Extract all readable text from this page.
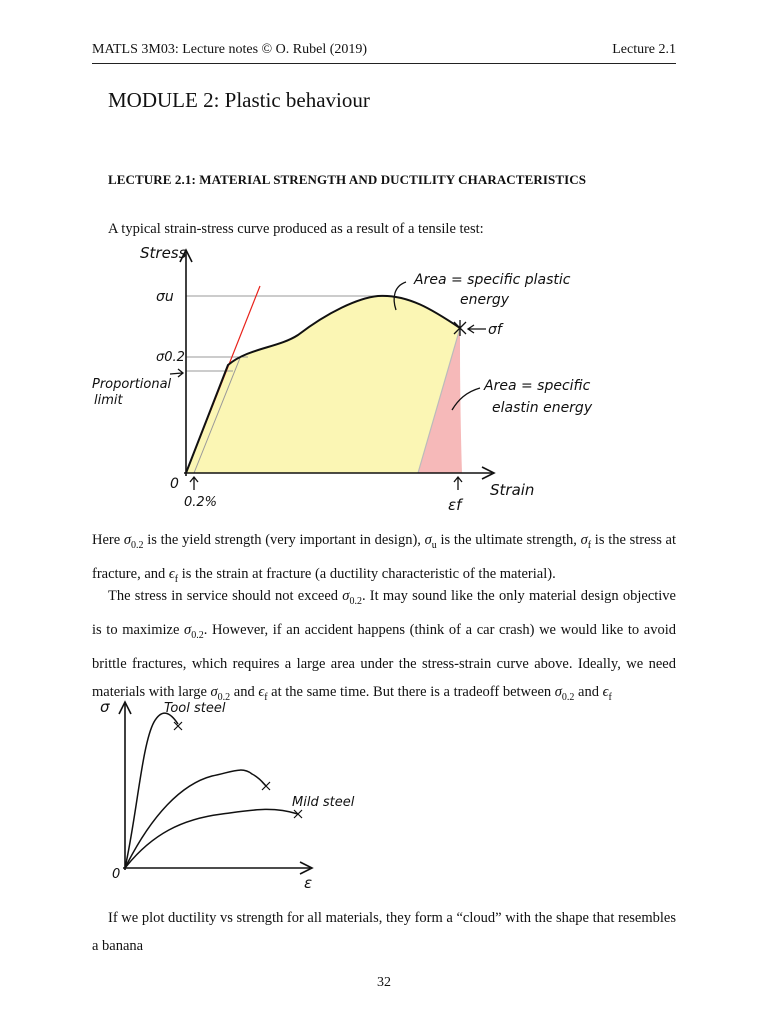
MATLS 3M03: Lecture notes © O. Rubel (2019)	Lecture 2.1
MODULE 2: Plastic behaviour
LECTURE 2.1: MATERIAL STRENGTH AND DUCTILITY CHARACTERISTICS
A typical strain-stress curve produced as a result of a tensile test:
Stress
Strain
0
σu
σ0.2
σf
εf
0.2%
Proportional
limit
Area = specific plastic
energy
Area = specific
elastin energy
Here $\sigma_{0.2}$ is the yield strength (very important in design), $\sigma_u$ is the ultimate strength, $\sigma_f$ is the stress at fracture, and $\epsilon_f$ is the strain at fracture (a ductility characteristic of the material).
The stress in service should not exceed $\sigma_{0.2}$. It may sound like the only material design objective is to maximize $\sigma_{0.2}$. However, if an accident happens (think of a car crash) we would like to avoid brittle fractures, which requires a large area under the stress-strain curve above. Ideally, we need materials with large $\sigma_{0.2}$ and $\epsilon_f$ at the same time. But there is a tradeoff between $\sigma_{0.2}$ and $\epsilon_f$
σ
ε
0
Tool steel
Mild steel
If we plot ductility vs strength for all materials, they form a “cloud” with the shape that resembles a banana
32
